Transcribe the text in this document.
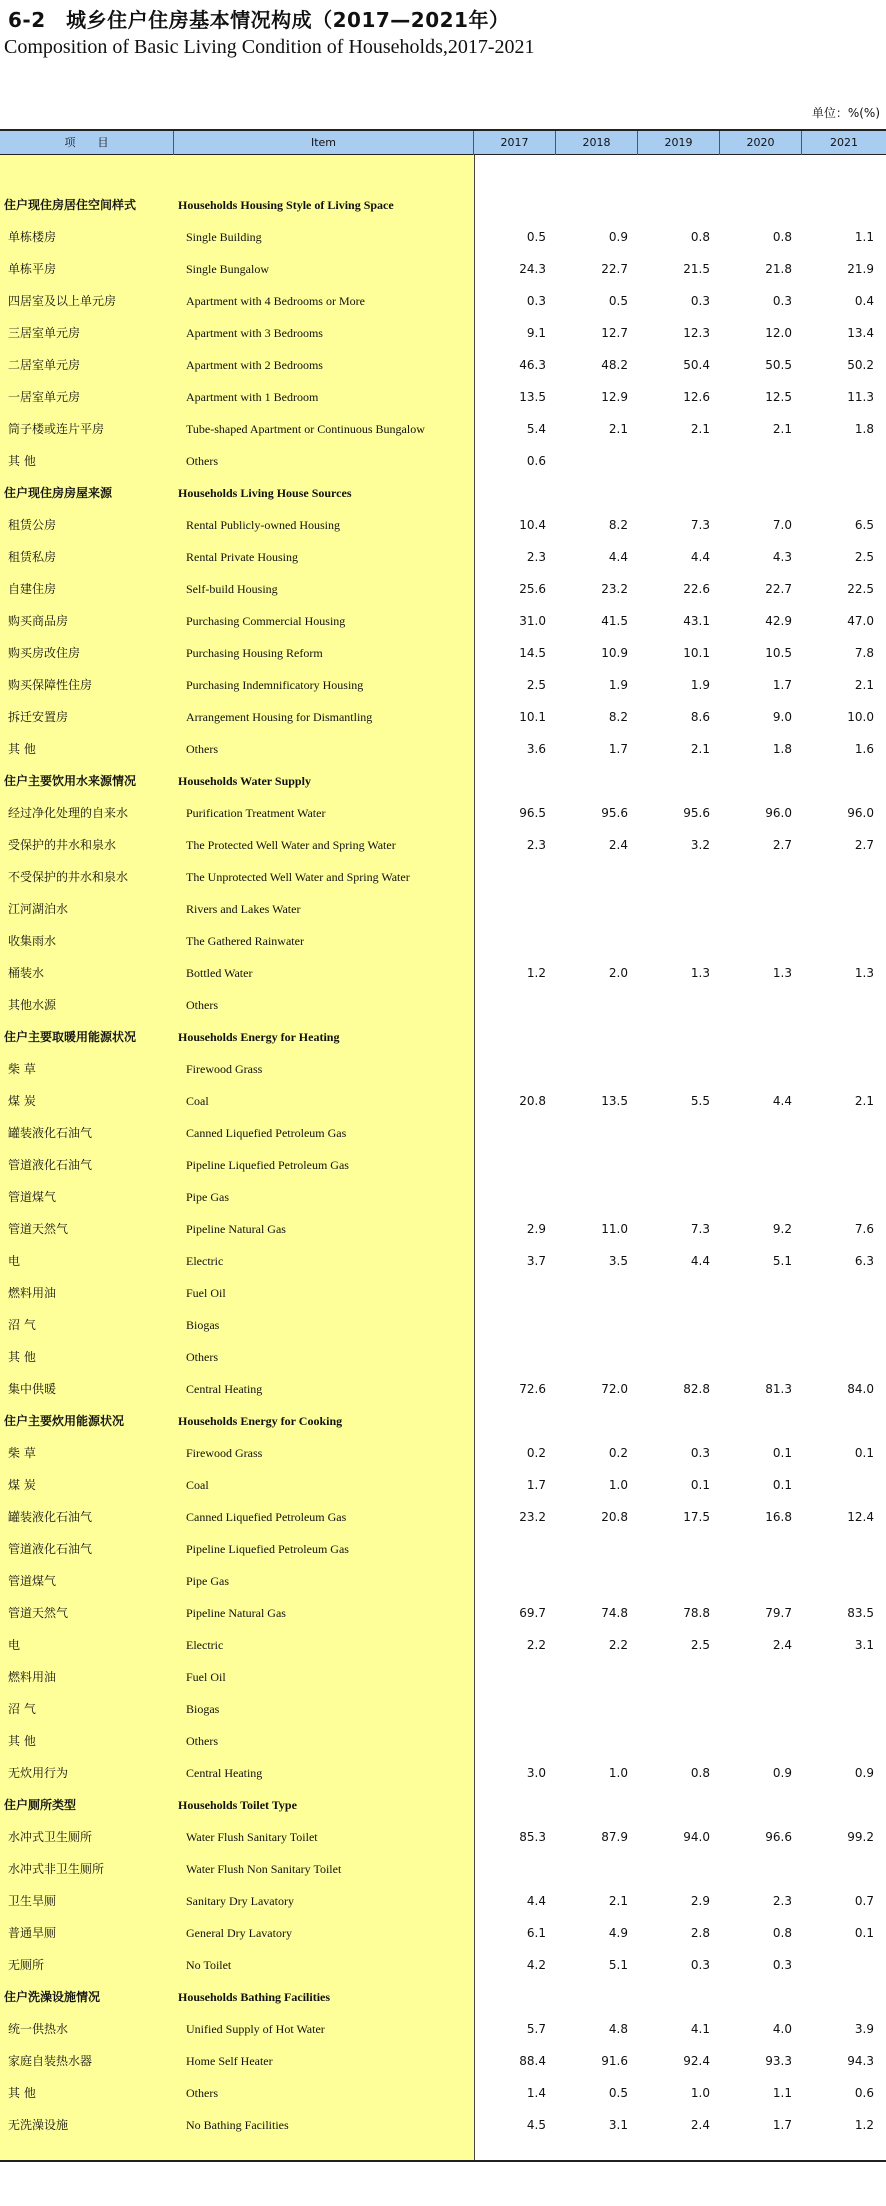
6-2　城乡住户住房基本情况构成（2017—2021年）
Composition of Basic Living Condition of Households,2017-2021
单位：%(%)
项　　目	Item	2017	2018	2019	2020	2021
住户现住房居住空间样式	Households Housing Style of Living Space
单栋楼房	Single Building	0.5	0.9	0.8	0.8	1.1
单栋平房	Single Bungalow	24.3	22.7	21.5	21.8	21.9
四居室及以上单元房	Apartment with 4 Bedrooms or More	0.3	0.5	0.3	0.3	0.4
三居室单元房	Apartment with 3 Bedrooms	9.1	12.7	12.3	12.0	13.4
二居室单元房	Apartment with 2 Bedrooms	46.3	48.2	50.4	50.5	50.2
一居室单元房	Apartment with 1 Bedroom	13.5	12.9	12.6	12.5	11.3
筒子楼或连片平房	Tube-shaped Apartment or Continuous Bungalow	5.4	2.1	2.1	2.1	1.8
其 他	Others	0.6
住户现住房房屋来源	Households Living House Sources
租赁公房	Rental Publicly-owned Housing	10.4	8.2	7.3	7.0	6.5
租赁私房	Rental Private Housing	2.3	4.4	4.4	4.3	2.5
自建住房	Self-build Housing	25.6	23.2	22.6	22.7	22.5
购买商品房	Purchasing Commercial Housing	31.0	41.5	43.1	42.9	47.0
购买房改住房	Purchasing Housing Reform	14.5	10.9	10.1	10.5	7.8
购买保障性住房	Purchasing Indemnificatory Housing	2.5	1.9	1.9	1.7	2.1
拆迁安置房	Arrangement Housing for Dismantling	10.1	8.2	8.6	9.0	10.0
其 他	Others	3.6	1.7	2.1	1.8	1.6
住户主要饮用水来源情况	Households Water Supply
经过净化处理的自来水	Purification Treatment Water	96.5	95.6	95.6	96.0	96.0
受保护的井水和泉水	The Protected Well Water and Spring Water	2.3	2.4	3.2	2.7	2.7
不受保护的井水和泉水	The Unprotected Well Water and Spring Water
江河湖泊水	Rivers and Lakes Water
收集雨水	The Gathered Rainwater
桶装水	Bottled Water	1.2	2.0	1.3	1.3	1.3
其他水源	Others
住户主要取暖用能源状况	Households Energy for Heating
柴 草	Firewood Grass
煤 炭	Coal	20.8	13.5	5.5	4.4	2.1
罐装液化石油气	Canned Liquefied Petroleum Gas
管道液化石油气	Pipeline Liquefied Petroleum Gas
管道煤气	Pipe Gas
管道天然气	Pipeline Natural Gas	2.9	11.0	7.3	9.2	7.6
电	Electric	3.7	3.5	4.4	5.1	6.3
燃料用油	Fuel Oil
沼 气	Biogas
其 他	Others
集中供暖	Central Heating	72.6	72.0	82.8	81.3	84.0
住户主要炊用能源状况	Households Energy for Cooking
柴 草	Firewood Grass	0.2	0.2	0.3	0.1	0.1
煤 炭	Coal	1.7	1.0	0.1	0.1
罐装液化石油气	Canned Liquefied Petroleum Gas	23.2	20.8	17.5	16.8	12.4
管道液化石油气	Pipeline Liquefied Petroleum Gas
管道煤气	Pipe Gas
管道天然气	Pipeline Natural Gas	69.7	74.8	78.8	79.7	83.5
电	Electric	2.2	2.2	2.5	2.4	3.1
燃料用油	Fuel Oil
沼 气	Biogas
其 他	Others
无炊用行为	Central Heating	3.0	1.0	0.8	0.9	0.9
住户厕所类型	Households Toilet Type
水冲式卫生厕所	Water Flush Sanitary Toilet	85.3	87.9	94.0	96.6	99.2
水冲式非卫生厕所	Water Flush Non Sanitary Toilet
卫生旱厕	Sanitary Dry Lavatory	4.4	2.1	2.9	2.3	0.7
普通旱厕	General Dry Lavatory	6.1	4.9	2.8	0.8	0.1
无厕所	No Toilet	4.2	5.1	0.3	0.3
住户洗澡设施情况	Households Bathing Facilities
统一供热水	Unified Supply of Hot Water	5.7	4.8	4.1	4.0	3.9
家庭自装热水器	Home Self Heater	88.4	91.6	92.4	93.3	94.3
其 他	Others	1.4	0.5	1.0	1.1	0.6
无洗澡设施	No Bathing Facilities	4.5	3.1	2.4	1.7	1.2
